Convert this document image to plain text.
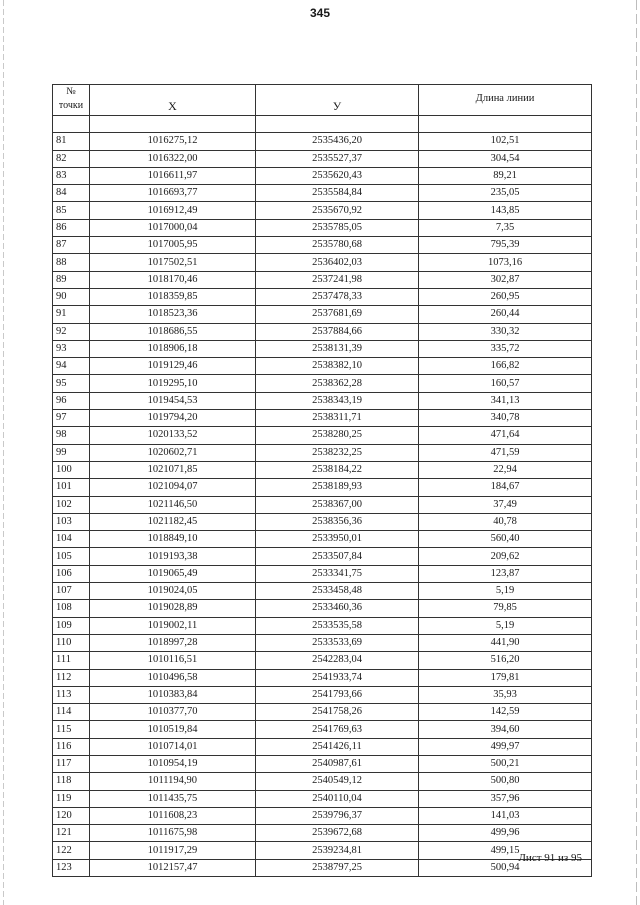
345
№
точки	Х	У	Длина линии

81	1016275,12	2535436,20	102,51
82	1016322,00	2535527,37	304,54
83	1016611,97	2535620,43	89,21
84	1016693,77	2535584,84	235,05
85	1016912,49	2535670,92	143,85
86	1017000,04	2535785,05	7,35
87	1017005,95	2535780,68	795,39
88	1017502,51	2536402,03	1073,16
89	1018170,46	2537241,98	302,87
90	1018359,85	2537478,33	260,95
91	1018523,36	2537681,69	260,44
92	1018686,55	2537884,66	330,32
93	1018906,18	2538131,39	335,72
94	1019129,46	2538382,10	166,82
95	1019295,10	2538362,28	160,57
96	1019454,53	2538343,19	341,13
97	1019794,20	2538311,71	340,78
98	1020133,52	2538280,25	471,64
99	1020602,71	2538232,25	471,59
100	1021071,85	2538184,22	22,94
101	1021094,07	2538189,93	184,67
102	1021146,50	2538367,00	37,49
103	1021182,45	2538356,36	40,78
104	1018849,10	2533950,01	560,40
105	1019193,38	2533507,84	209,62
106	1019065,49	2533341,75	123,87
107	1019024,05	2533458,48	5,19
108	1019028,89	2533460,36	79,85
109	1019002,11	2533535,58	5,19
110	1018997,28	2533533,69	441,90
111	1010116,51	2542283,04	516,20
112	1010496,58	2541933,74	179,81
113	1010383,84	2541793,66	35,93
114	1010377,70	2541758,26	142,59
115	1010519,84	2541769,63	394,60
116	1010714,01	2541426,11	499,97
117	1010954,19	2540987,61	500,21
118	1011194,90	2540549,12	500,80
119	1011435,75	2540110,04	357,96
120	1011608,23	2539796,37	141,03
121	1011675,98	2539672,68	499,96
122	1011917,29	2539234,81	499,15
123	1012157,47	2538797,25	500,94
Лист 91 из 95
